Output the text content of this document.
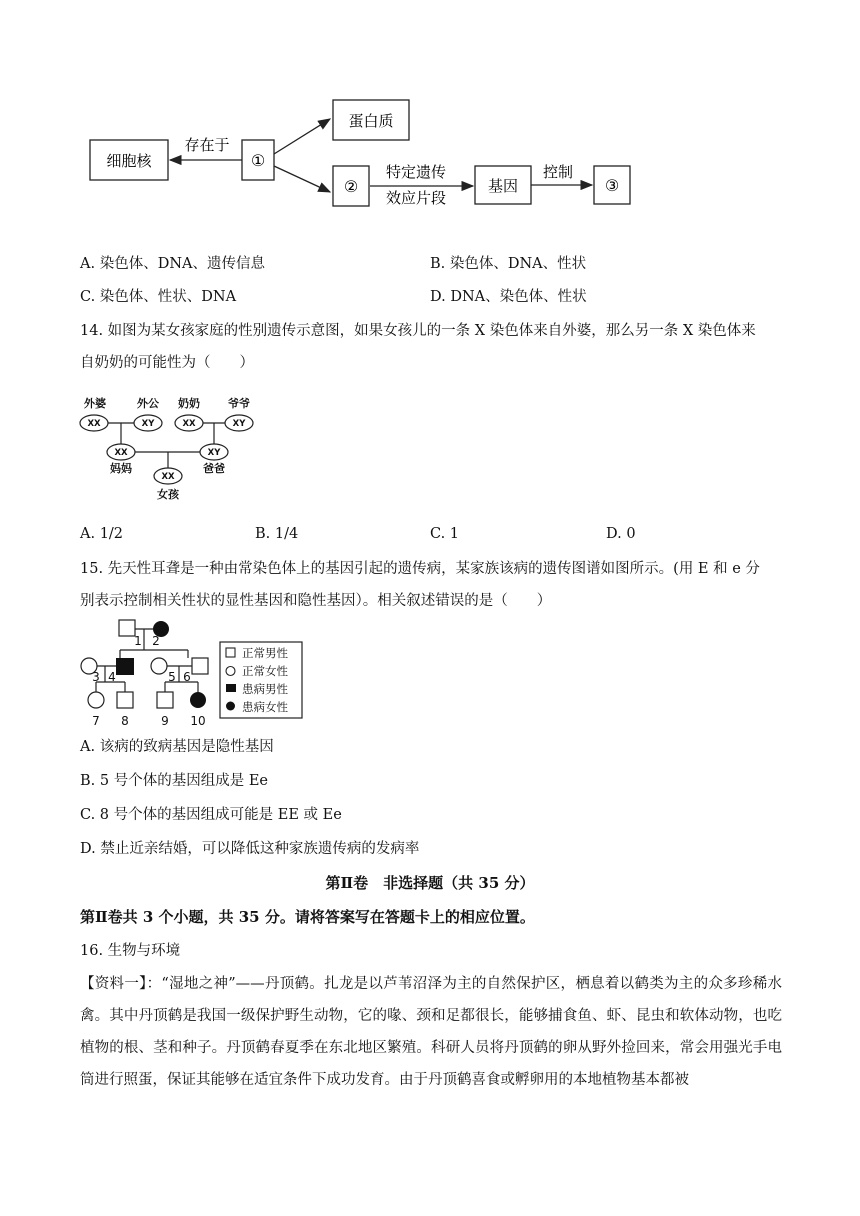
细胞核
存在于
①
蛋白质
②
特定遗传
效应片段
基因
控制
③
A. 染色体、DNA、遗传信息	B. 染色体、DNA、性状
C. 染色体、性状、DNA	D. DNA、染色体、性状
14. 如图为某女孩家庭的性别遗传示意图，如果女孩儿的一条 X 染色体来自外婆，那么另一条 X 染色体来
自奶奶的可能性为（　　）
外婆	外公 奶奶	爷爷
XX	XY	XX	XY
XX	XY
XX
妈妈	爸爸
女孩
A. 1/2	B. 1/4	C. 1	D. 0
15. 先天性耳聋是一种由常染色体上的基因引起的遗传病，某家族该病的遗传图谱如图所示。(用 E 和 e 分
别表示控制相关性状的显性基因和隐性基因）。相关叙述错误的是（　　）
1 2
3 4	5 6
7 8	9 10
正常男性
正常女性
患病男性
患病女性
A. 该病的致病基因是隐性基因
B. 5 号个体的基因组成是 Ee
C. 8 号个体的基因组成可能是 EE 或 Ee
D. 禁止近亲结婚，可以降低这种家族遗传病的发病率
第Ⅱ卷　非选择题（共 35 分）
第Ⅱ卷共 3 个小题，共 35 分。请将答案写在答题卡上的相应位置。
16. 生物与环境
【资料一】：“湿地之神”——丹顶鹤。扎龙是以芦苇沼泽为主的自然保护区，栖息着以鹤类为主的众多珍稀水禽。其中丹顶鹤是我国一级保护野生动物，它的喙、颈和足都很长，能够捕食鱼、虾、昆虫和软体动物，也吃植物的根、茎和种子。丹顶鹤春夏季在东北地区繁殖。科研人员将丹顶鹤的卵从野外捡回来，常会用强光手电筒进行照蛋，保证其能够在适宜条件下成功发育。由于丹顶鹤喜食或孵卵用的本地植物基本都被
